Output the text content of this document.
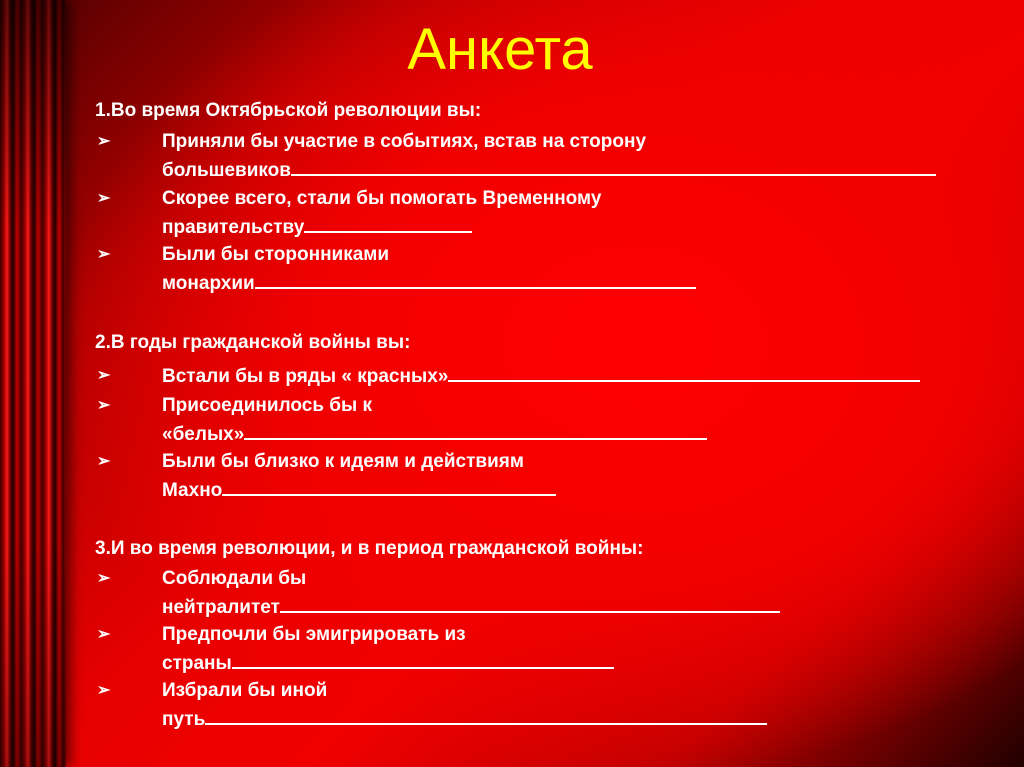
Анкета
1.Во время Октябрьской революции вы:
➢	Приняли бы участие в событиях, встав на сторону
большевиков
➢	Скорее всего, стали бы помогать Временному
правительству
➢	Были бы сторонниками
монархии
2.В годы гражданской войны вы:
➢	Встали бы в ряды « красных»
➢	Присоединилось бы к
«белых»
➢	Были бы близко к идеям и действиям
Махно
3.И во время революции, и в период гражданской войны:
➢	Соблюдали бы
нейтралитет
➢	Предпочли бы эмигрировать из
страны
➢	Избрали бы иной
путь
